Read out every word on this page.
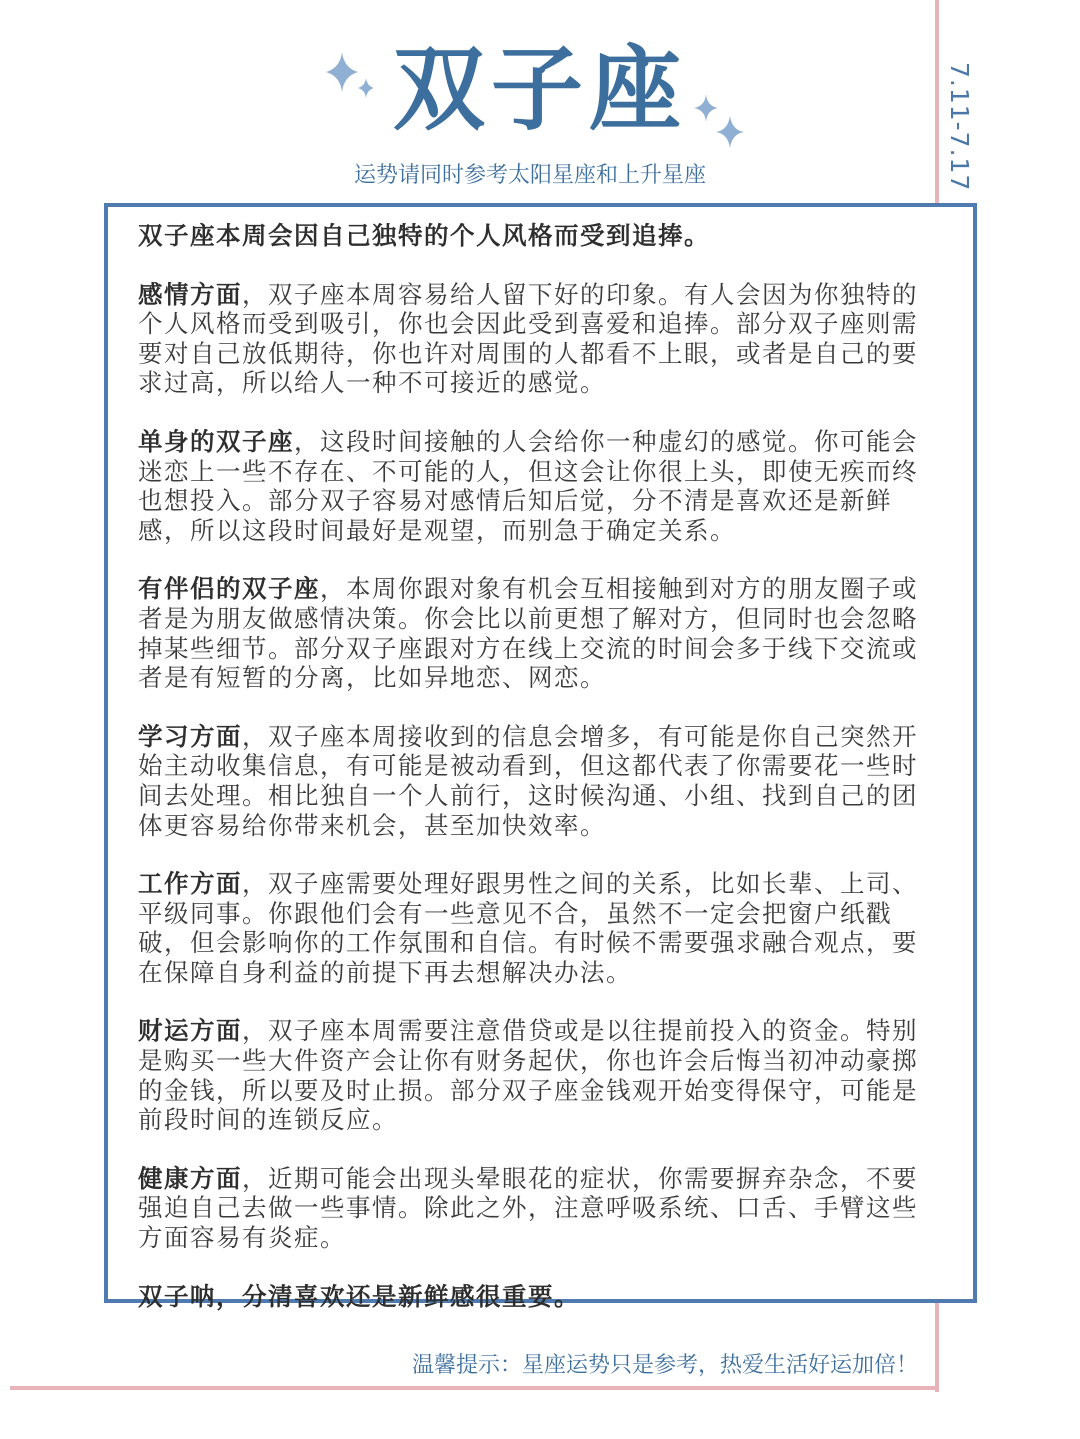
7.11-7.17
双子座
运势请同时参考太阳星座和上升星座

双子座本周会因自己独特的个人风格而受到追捧。

感情方面，双子座本周容易给人留下好的印象。有人会因为你独特的个人风格而受到吸引，你也会因此受到喜爱和追捧。部分双子座则需要对自己放低期待，你也许对周围的人都看不上眼，或者是自己的要求过高，所以给人一种不可接近的感觉。

单身的双子座，这段时间接触的人会给你一种虚幻的感觉。你可能会迷恋上一些不存在、不可能的人，但这会让你很上头，即使无疾而终也想投入。部分双子容易对感情后知后觉，分不清是喜欢还是新鲜感，所以这段时间最好是观望，而别急于确定关系。

有伴侣的双子座，本周你跟对象有机会互相接触到对方的朋友圈子或者是为朋友做感情决策。你会比以前更想了解对方，但同时也会忽略掉某些细节。部分双子座跟对方在线上交流的时间会多于线下交流或者是有短暂的分离，比如异地恋、网恋。

学习方面，双子座本周接收到的信息会增多，有可能是你自己突然开始主动收集信息，有可能是被动看到，但这都代表了你需要花一些时间去处理。相比独自一个人前行，这时候沟通、小组、找到自己的团体更容易给你带来机会，甚至加快效率。

工作方面，双子座需要处理好跟男性之间的关系，比如长辈、上司、平级同事。你跟他们会有一些意见不合，虽然不一定会把窗户纸戳破，但会影响你的工作氛围和自信。有时候不需要强求融合观点，要在保障自身利益的前提下再去想解决办法。

财运方面，双子座本周需要注意借贷或是以往提前投入的资金。特别是购买一些大件资产会让你有财务起伏，你也许会后悔当初冲动豪掷的金钱，所以要及时止损。部分双子座金钱观开始变得保守，可能是前段时间的连锁反应。

健康方面，近期可能会出现头晕眼花的症状，你需要摒弃杂念，不要强迫自己去做一些事情。除此之外，注意呼吸系统、口舌、手臂这些方面容易有炎症。

双子呐，分清喜欢还是新鲜感很重要。

温馨提示：星座运势只是参考，热爱生活好运加倍！
